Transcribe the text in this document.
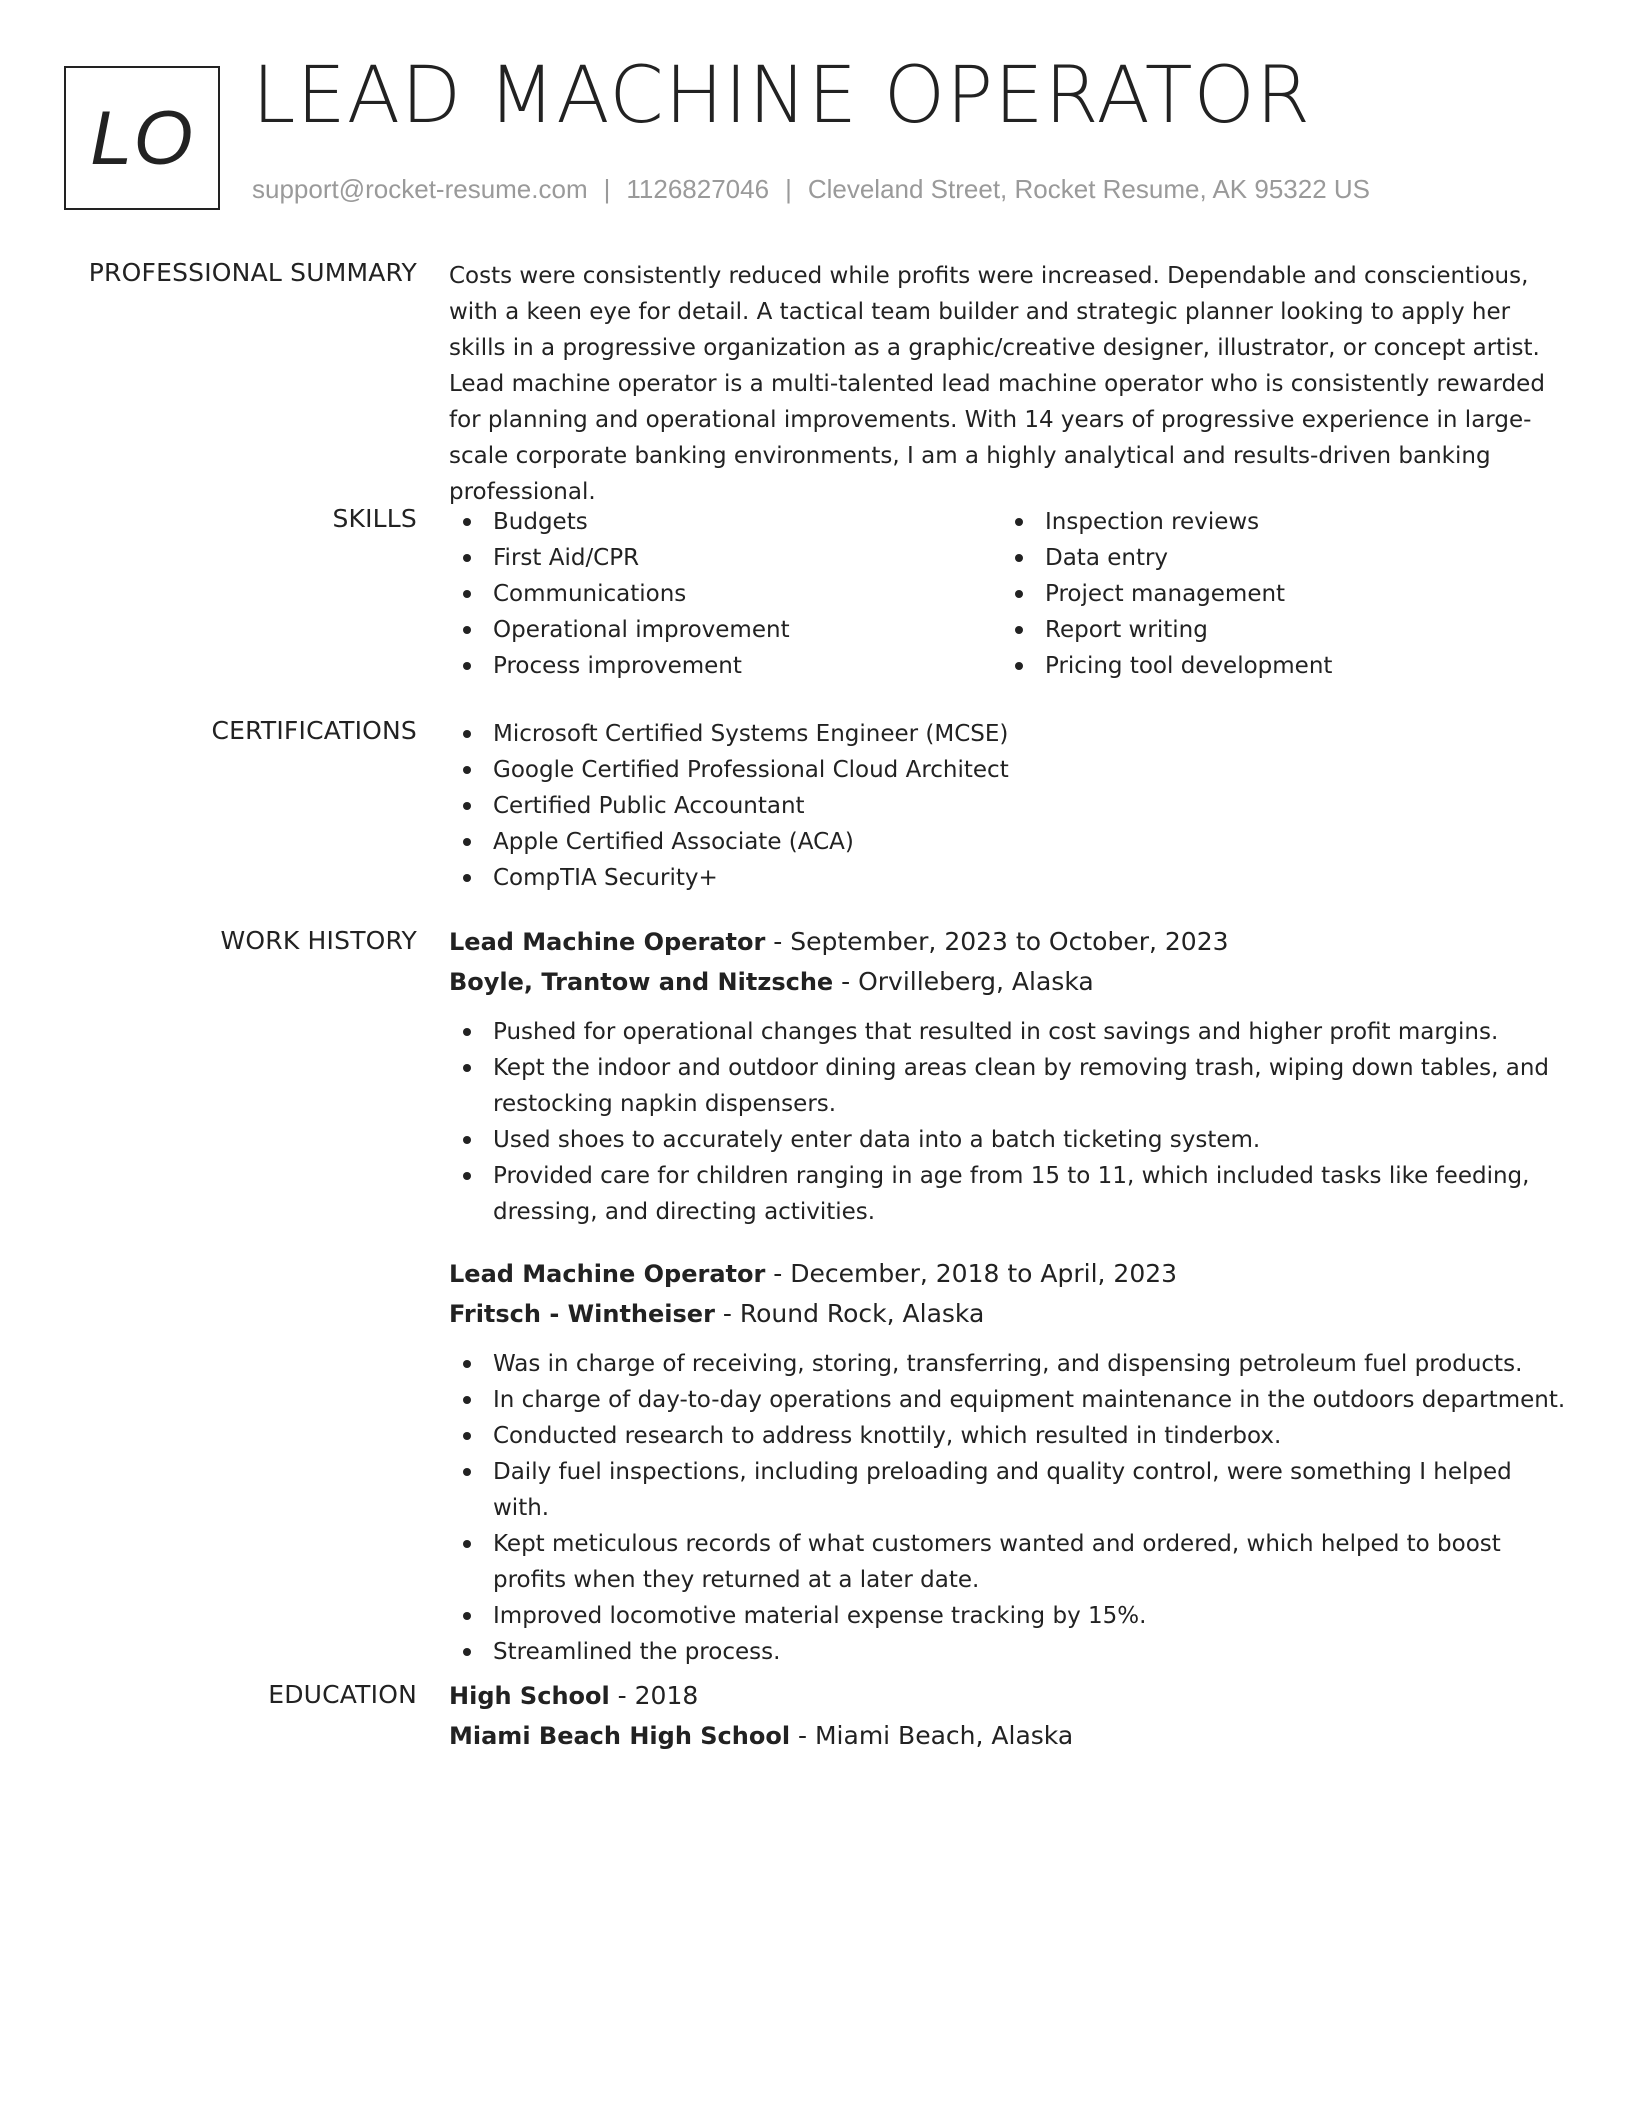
LO LEAD MACHINE OPERATOR
support@rocket-resume.com | 1126827046 | Cleveland Street, Rocket Resume, AK 95322 US
PROFESSIONAL SUMMARY Costs were consistently reduced while profits were increased. Dependable and conscientious, with a keen eye for detail. A tactical team builder and strategic planner looking to apply her skills in a progressive organization as a graphic/creative designer, illustrator, or concept artist. Lead machine operator is a multi-talented lead machine operator who is consistently rewarded for planning and operational improvements. With 14 years of progressive experience in large-scale corporate banking environments, I am a highly analytical and results-driven banking professional.
SKILLS	Budgets
First Aid/CPR
Communications
Operational improvement
Process improvement
Inspection reviews
Data entry
Project management
Report writing
Pricing tool development
CERTIFICATIONS	Microsoft Certified Systems Engineer (MCSE)
Google Certified Professional Cloud Architect
Certified Public Accountant
Apple Certified Associate (ACA)
CompTIA Security+
WORK HISTORY Lead Machine Operator - September, 2023 to October, 2023
Boyle, Trantow and Nitzsche - Orvilleberg, Alaska
Pushed for operational changes that resulted in cost savings and higher profit margins.
Kept the indoor and outdoor dining areas clean by removing trash, wiping down tables, and restocking napkin dispensers.
Used shoes to accurately enter data into a batch ticketing system.
Provided care for children ranging in age from 15 to 11, which included tasks like feeding, dressing, and directing activities.
Lead Machine Operator - December, 2018 to April, 2023
Fritsch - Wintheiser - Round Rock, Alaska
Was in charge of receiving, storing, transferring, and dispensing petroleum fuel products.
In charge of day-to-day operations and equipment maintenance in the outdoors department.
Conducted research to address knottily, which resulted in tinderbox.
Daily fuel inspections, including preloading and quality control, were something I helped with.
Kept meticulous records of what customers wanted and ordered, which helped to boost profits when they returned at a later date.
Improved locomotive material expense tracking by 15%.
Streamlined the process.
EDUCATION High School - 2018
Miami Beach High School - Miami Beach, Alaska
